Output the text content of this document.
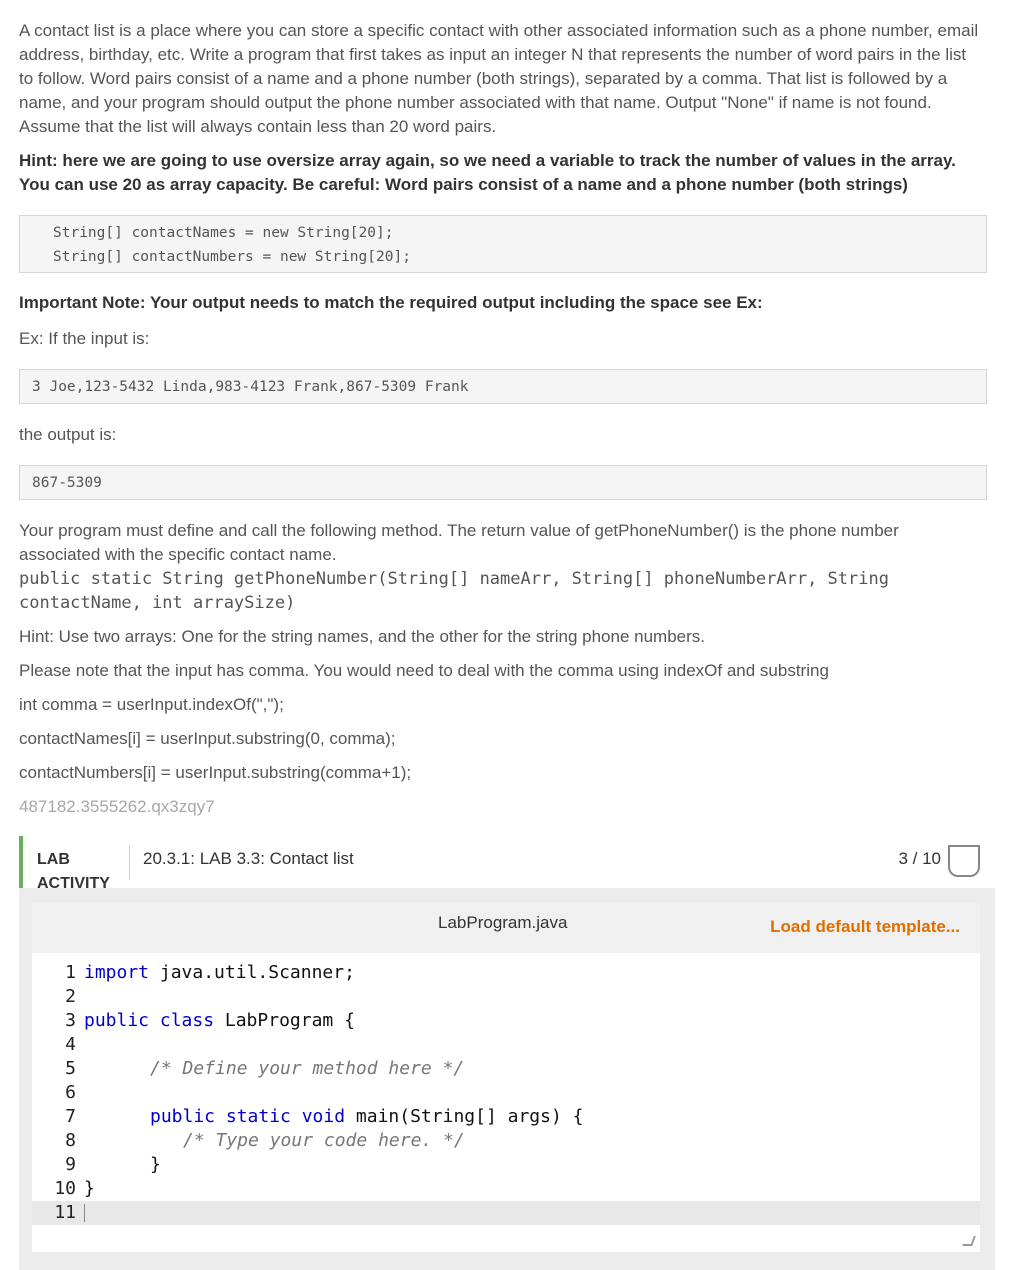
A contact list is a place where you can store a specific contact with other associated information such as a phone number, email address, birthday, etc. Write a program that first takes as input an integer N that represents the number of word pairs in the list to follow. Word pairs consist of a name and a phone number (both strings), separated by a comma. That list is followed by a name, and your program should output the phone number associated with that name. Output "None" if name is not found. Assume that the list will always contain less than 20 word pairs.

Hint: here we are going to use oversize array again, so we need a variable to track the number of values in the array. You can use 20 as array capacity. Be careful: Word pairs consist of a name and a phone number (both strings)
String[] contactNames = new String[20];
String[] contactNumbers = new String[20];
Important Note: Your output needs to match the required output including the space see Ex:
Ex: If the input is:
3 Joe,123-5432 Linda,983-4123 Frank,867-5309 Frank
the output is:
867-5309

Your program must define and call the following method. The return value of getPhoneNumber() is the phone number associated with the specific contact name.

public static String getPhoneNumber(String[] nameArr, String[] phoneNumberArr, String
contactName, int arraySize)
Hint: Use two arrays: One for the string names, and the other for the string phone numbers.
Please note that the input has comma. You would need to deal with the comma using indexOf and substring
int comma = userInput.indexOf(",");
contactNames[i] = userInput.substring(0, comma);
contactNumbers[i] = userInput.substring(comma+1);
487182.3555262.qx3zqy7
LAB ACTIVITY
20.3.1: LAB 3.3: Contact list	3 / 10
LabProgram.java	Load default template...
1 import java.util.Scanner;
2
3 public class LabProgram {
4
5	/* Define your method here */
6
7	public static void main(String[] args) {
8	/* Type your code here. */
9	}
10 }
11
